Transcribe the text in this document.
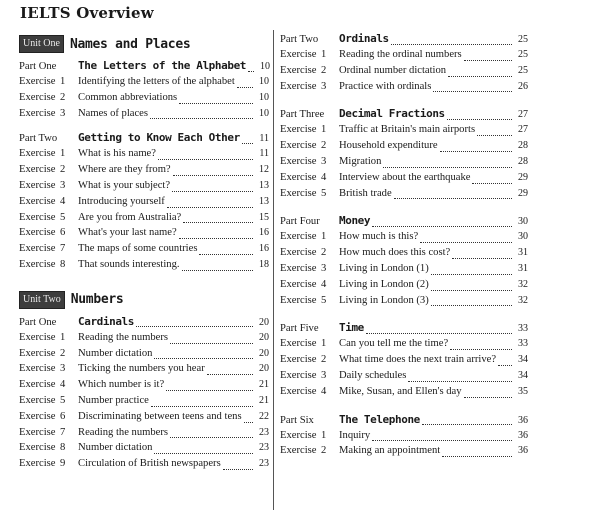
IELTS Overview
Unit One Names and Places
Part One	The Letters of the Alphabet	10
Exercise 1	Identifying the letters of the alphabet	10
Exercise 2	Common abbreviations	10
Exercise 3	Names of places	10
Part Two	Getting to Know Each Other	11
Exercise 1	What is his name?	11
Exercise 2	Where are they from?	12
Exercise 3	What is your subject?	13
Exercise 4	Introducing yourself	13
Exercise 5	Are you from Australia?	15
Exercise 6	What's your last name?	16
Exercise 7	The maps of some countries	16
Exercise 8	That sounds interesting.	18
Unit Two Numbers
Part One	Cardinals	20
Exercise 1	Reading the numbers	20
Exercise 2	Number dictation	20
Exercise 3	Ticking the numbers you hear	20
Exercise 4	Which number is it?	21
Exercise 5	Number practice	21
Exercise 6	Discriminating between teens and tens	22
Exercise 7	Reading the numbers	23
Exercise 8	Number dictation	23
Exercise 9	Circulation of British newspapers	23
Part Two	Ordinals	25
Exercise 1	Reading the ordinal numbers	25
Exercise 2	Ordinal number dictation	25
Exercise 3	Practice with ordinals	26
Part Three	Decimal Fractions	27
Exercise 1	Traffic at Britain's main airports	27
Exercise 2	Household expenditure	28
Exercise 3	Migration	28
Exercise 4	Interview about the earthquake	29
Exercise 5	British trade	29
Part Four	Money	30
Exercise 1	How much is this?	30
Exercise 2	How much does this cost?	31
Exercise 3	Living in London (1)	31
Exercise 4	Living in London (2)	32
Exercise 5	Living in London (3)	32
Part Five	Time	33
Exercise 1	Can you tell me the time?	33
Exercise 2	What time does the next train arrive?	34
Exercise 3	Daily schedules	34
Exercise 4	Mike, Susan, and Ellen's day	35
Part Six	The Telephone	36
Exercise 1	Inquiry	36
Exercise 2	Making an appointment	36
